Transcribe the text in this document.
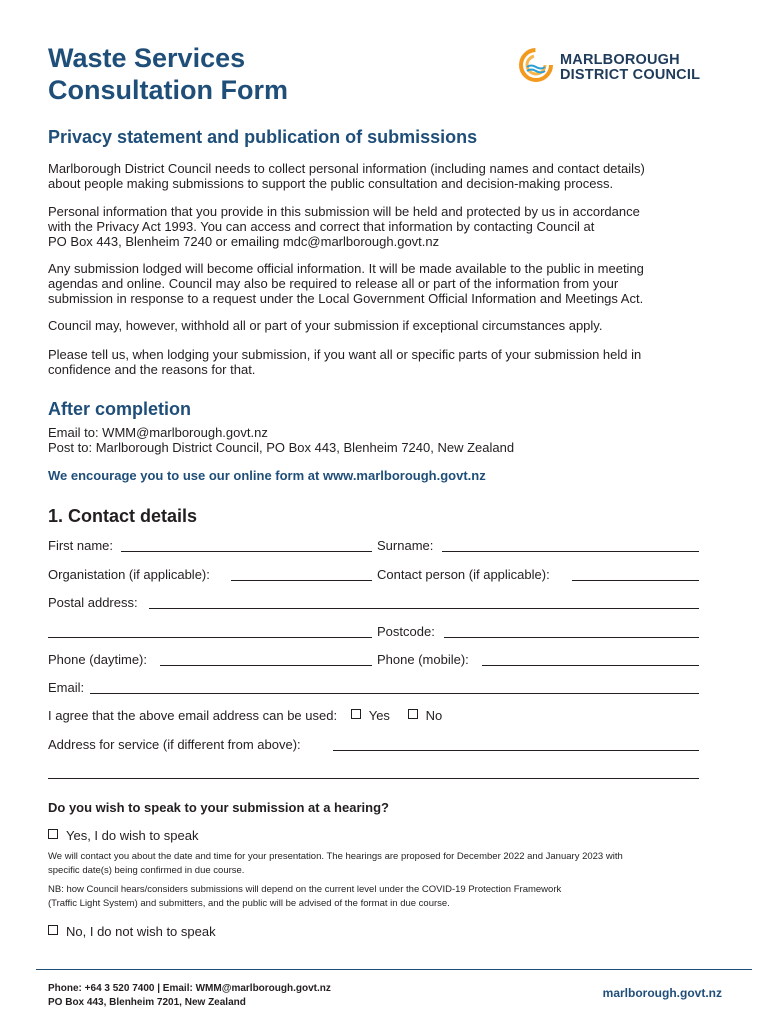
Waste Services
Consultation Form
MARLBOROUGH
DISTRICT COUNCIL
Privacy statement and publication of submissions
Marlborough District Council needs to collect personal information (including names and contact details)
about people making submissions to support the public consultation and decision-making process.
Personal information that you provide in this submission will be held and protected by us in accordance
with the Privacy Act 1993. You can access and correct that information by contacting Council at
PO Box 443, Blenheim 7240 or emailing mdc@marlborough.govt.nz
Any submission lodged will become official information. It will be made available to the public in meeting
agendas and online. Council may also be required to release all or part of the information from your
submission in response to a request under the Local Government Official Information and Meetings Act.
Council may, however, withhold all or part of your submission if exceptional circumstances apply.
Please tell us, when lodging your submission, if you want all or specific parts of your submission held in
confidence and the reasons for that.
After completion
Email to: WMM@marlborough.govt.nz
Post to: Marlborough District Council, PO Box 443, Blenheim 7240, New Zealand
We encourage you to use our online form at www.marlborough.govt.nz
1. Contact details
First name:	Surname:
Organistation (if applicable):	Contact person (if applicable):
Postal address:
Postcode:
Phone (daytime):	Phone (mobile):
Email:
I agree that the above email address can be used: Yes	No
Address for service (if different from above):
Do you wish to speak to your submission at a hearing?
Yes, I do wish to speak
We will contact you about the date and time for your presentation. The hearings are proposed for December 2022 and January 2023 with
specific date(s) being confirmed in due course.
NB: how Council hears/considers submissions will depend on the current level under the COVID-19 Protection Framework
(Traffic Light System) and submitters, and the public will be advised of the format in due course.
No, I do not wish to speak
Phone: +64 3 520 7400 | Email: WMM@marlborough.govt.nz
PO Box 443, Blenheim 7201, New Zealand
marlborough.govt.nz
